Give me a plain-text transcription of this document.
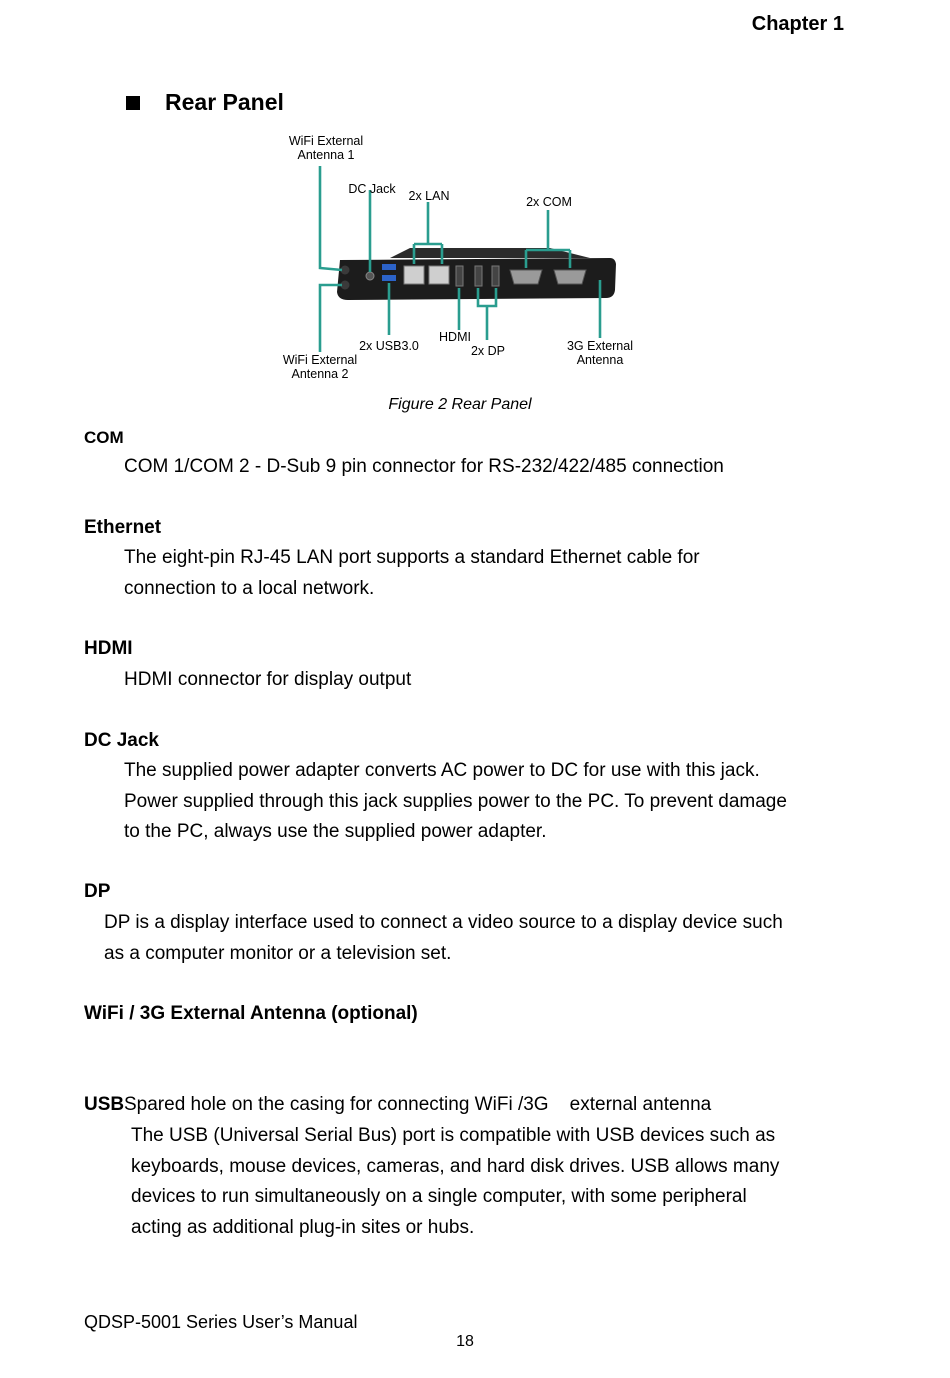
Chapter 1
Rear Panel
WiFi External
Antenna 1
DC Jack 2x LAN	2x COM
2x USB3.0
HDMI
2x DP	3G External
Antenna
WiFi External
Antenna 2
Figure 2 Rear Panel
COM
COM 1/COM 2 - D-Sub 9 pin connector for RS-232/422/485 connection
Ethernet
The eight-pin RJ-45 LAN port supports a standard Ethernet cable for
connection to a local network.
HDMI
HDMI connector for display output
DC Jack
The supplied power adapter converts AC power to DC for use with this jack.
Power supplied through this jack supplies power to the PC. To prevent damage
to the PC, always use the supplied power adapter.
DP
DP is a display interface used to connect a video source to a display device such
as a computer monitor or a television set.
WiFi / 3G External Antenna (optional)

Spared hole on the casing for connecting WiFi /3G    external antenna

USB
The USB (Universal Serial Bus) port is compatible with USB devices such as
keyboards, mouse devices, cameras, and hard disk drives. USB allows many
devices to run simultaneously on a single computer, with some peripheral
acting as additional plug-in sites or hubs.
QDSP-5001 Series User’s Manual
18
